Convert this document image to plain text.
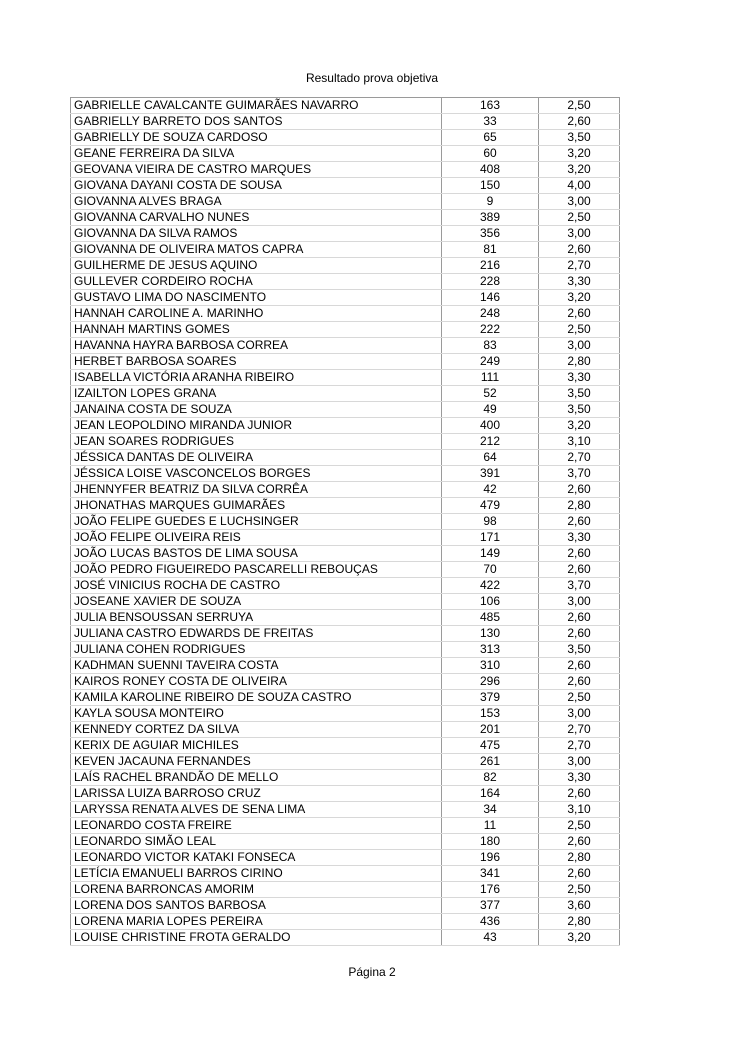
Resultado prova objetiva
GABRIELLE CAVALCANTE GUIMARÃES NAVARRO	163	2,50
GABRIELLY BARRETO DOS SANTOS	33	2,60
GABRIELLY DE SOUZA CARDOSO	65	3,50
GEANE FERREIRA DA SILVA	60	3,20
GEOVANA VIEIRA DE CASTRO MARQUES	408	3,20
GIOVANA DAYANI COSTA DE SOUSA	150	4,00
GIOVANNA ALVES BRAGA	9	3,00
GIOVANNA CARVALHO NUNES	389	2,50
GIOVANNA DA SILVA RAMOS	356	3,00
GIOVANNA DE OLIVEIRA MATOS CAPRA	81	2,60
GUILHERME DE JESUS AQUINO	216	2,70
GULLEVER CORDEIRO ROCHA	228	3,30
GUSTAVO LIMA DO NASCIMENTO	146	3,20
HANNAH CAROLINE A. MARINHO	248	2,60
HANNAH MARTINS GOMES	222	2,50
HAVANNA HAYRA BARBOSA CORREA	83	3,00
HERBET BARBOSA SOARES	249	2,80
ISABELLA VICTÓRIA ARANHA RIBEIRO	111	3,30
IZAILTON LOPES GRANA	52	3,50
JANAINA COSTA DE SOUZA	49	3,50
JEAN LEOPOLDINO MIRANDA JUNIOR	400	3,20
JEAN SOARES RODRIGUES	212	3,10
JÉSSICA DANTAS DE OLIVEIRA	64	2,70
JÉSSICA LOISE VASCONCELOS BORGES	391	3,70
JHENNYFER BEATRIZ DA SILVA CORRÊA	42	2,60
JHONATHAS MARQUES GUIMARÃES	479	2,80
JOÃO FELIPE GUEDES E LUCHSINGER	98	2,60
JOÃO FELIPE OLIVEIRA REIS	171	3,30
JOÃO LUCAS BASTOS DE LIMA SOUSA	149	2,60
JOÃO PEDRO FIGUEIREDO PASCARELLI REBOUÇAS	70	2,60
JOSÉ VINICIUS ROCHA DE CASTRO	422	3,70
JOSEANE XAVIER DE SOUZA	106	3,00
JULIA BENSOUSSAN SERRUYA	485	2,60
JULIANA CASTRO EDWARDS DE FREITAS	130	2,60
JULIANA COHEN RODRIGUES	313	3,50
KADHMAN SUENNI TAVEIRA COSTA	310	2,60
KAIROS RONEY COSTA DE OLIVEIRA	296	2,60
KAMILA KAROLINE RIBEIRO DE SOUZA CASTRO	379	2,50
KAYLA SOUSA MONTEIRO	153	3,00
KENNEDY CORTEZ DA SILVA	201	2,70
KERIX DE AGUIAR MICHILES	475	2,70
KEVEN JACAUNA FERNANDES	261	3,00
LAÍS RACHEL BRANDÃO DE MELLO	82	3,30
LARISSA LUIZA BARROSO CRUZ	164	2,60
LARYSSA RENATA ALVES DE SENA LIMA	34	3,10
LEONARDO COSTA FREIRE	11	2,50
LEONARDO SIMÃO LEAL	180	2,60
LEONARDO VICTOR KATAKI FONSECA	196	2,80
LETÍCIA EMANUELI BARROS CIRINO	341	2,60
LORENA BARRONCAS AMORIM	176	2,50
LORENA DOS SANTOS BARBOSA	377	3,60
LORENA MARIA LOPES PEREIRA	436	2,80
LOUISE CHRISTINE FROTA GERALDO	43	3,20
Página 2
